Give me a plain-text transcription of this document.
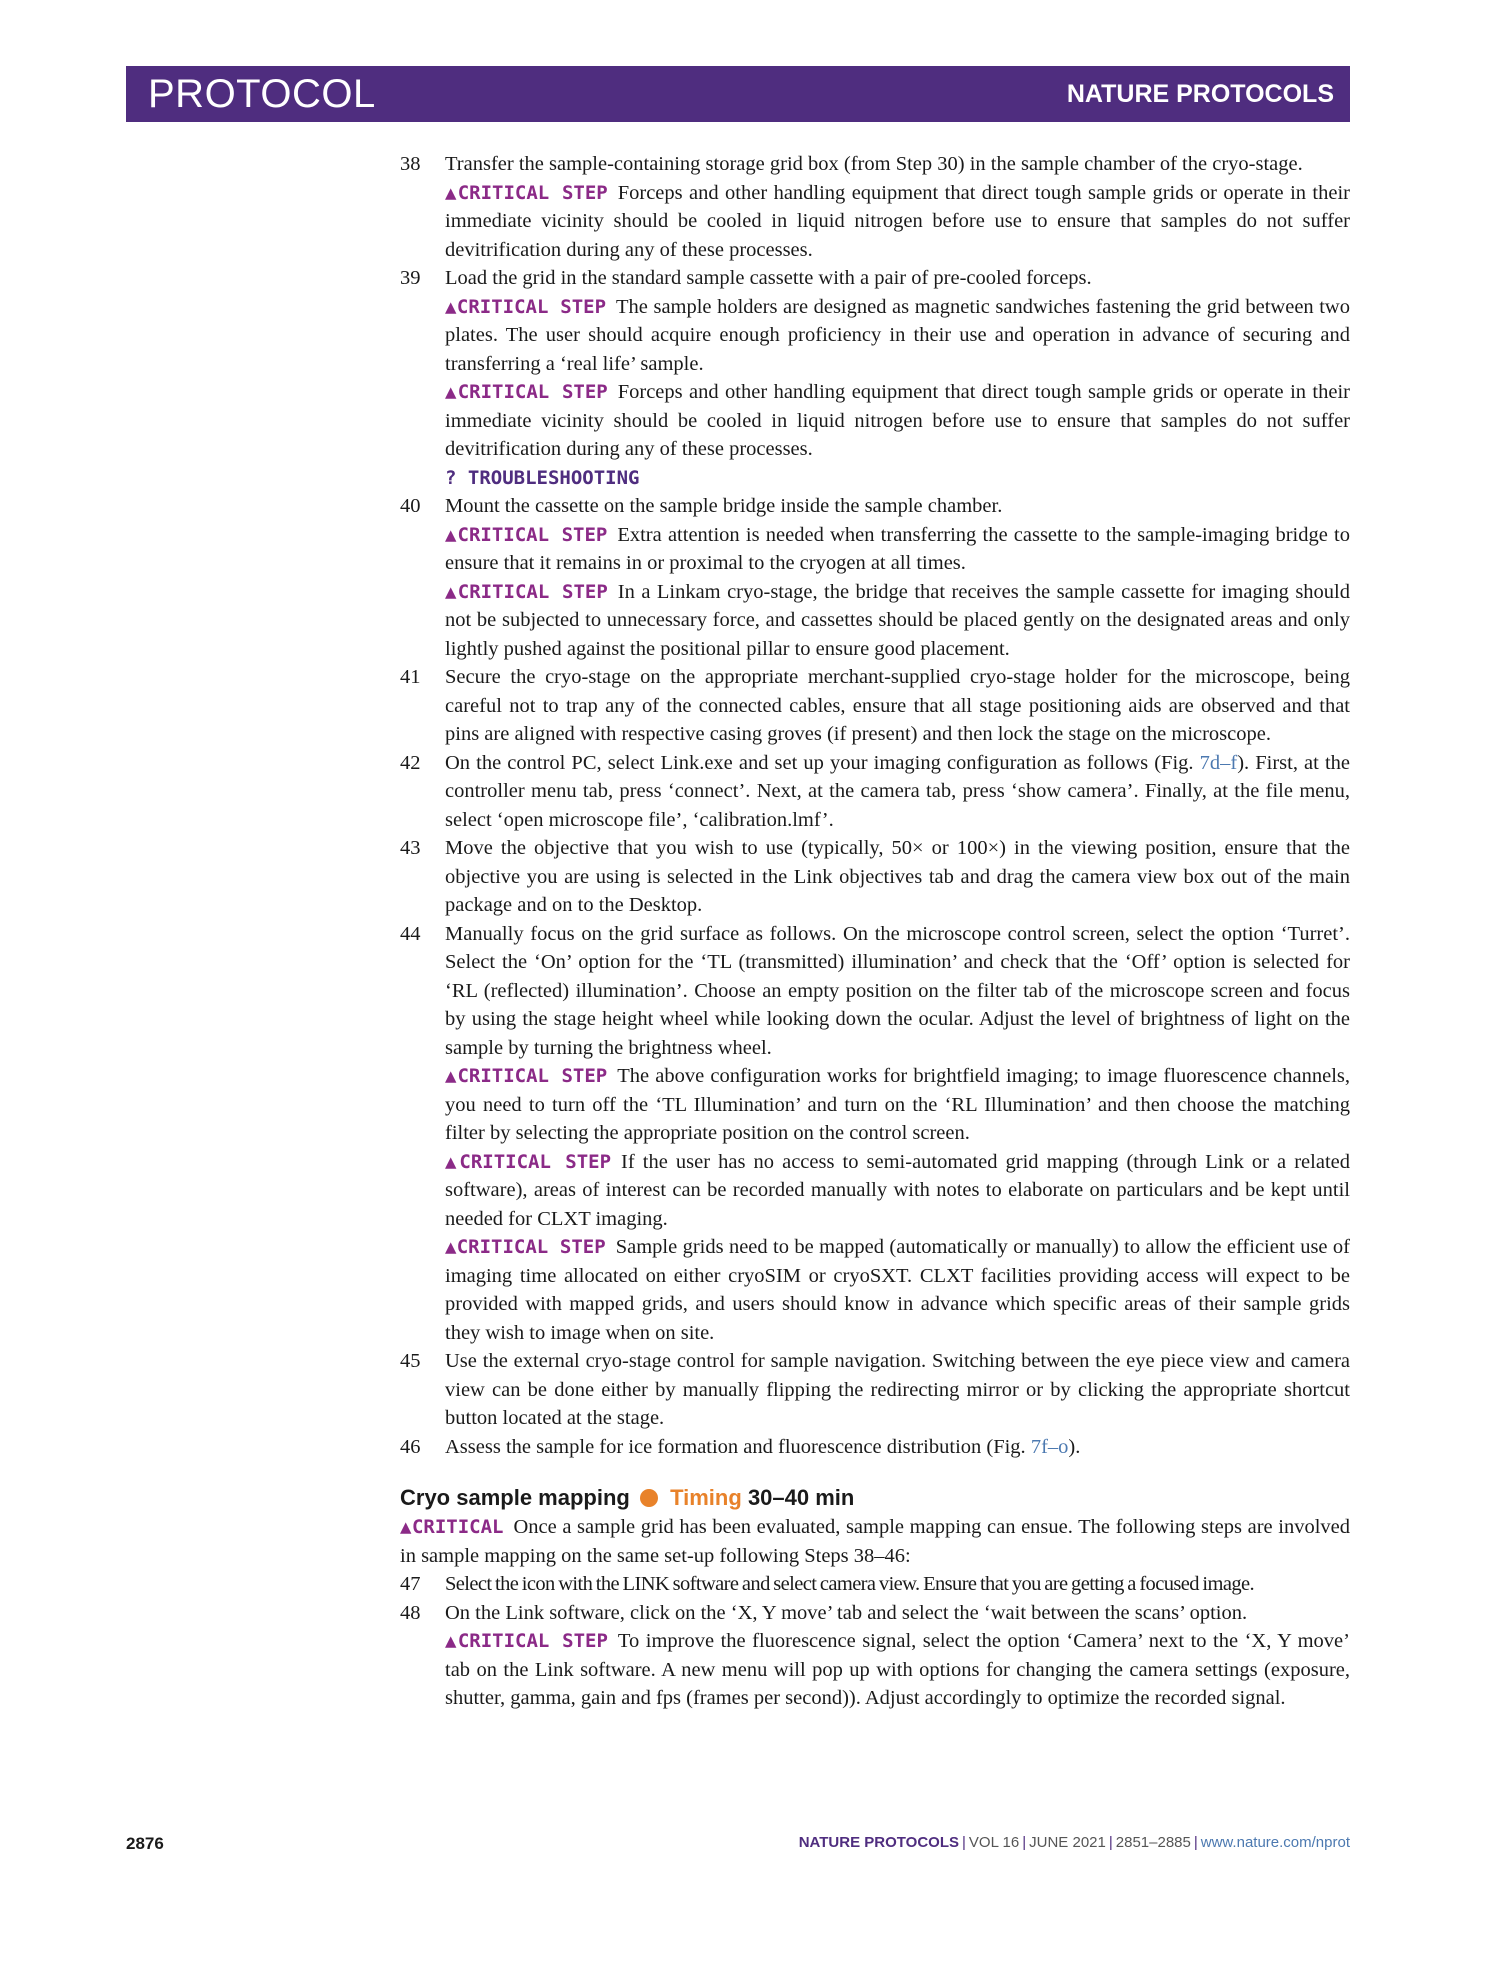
PROTOCOL	NATURE PROTOCOLS
38 Transfer the sample-containing storage grid box (from Step 30) in the sample chamber of the cryo-stage.
▲CRITICAL STEP Forceps and other handling equipment that direct tough sample grids or operate in their immediate vicinity should be cooled in liquid nitrogen before use to ensure that samples do not suffer devitrification during any of these processes.
39 Load the grid in the standard sample cassette with a pair of pre-cooled forceps.
▲CRITICAL STEP The sample holders are designed as magnetic sandwiches fastening the grid between two plates. The user should acquire enough proficiency in their use and operation in advance of securing and transferring a ‘real life’ sample.
▲CRITICAL STEP Forceps and other handling equipment that direct tough sample grids or operate in their immediate vicinity should be cooled in liquid nitrogen before use to ensure that samples do not suffer devitrification during any of these processes.
? TROUBLESHOOTING
40 Mount the cassette on the sample bridge inside the sample chamber.
▲CRITICAL STEP Extra attention is needed when transferring the cassette to the sample-imaging bridge to ensure that it remains in or proximal to the cryogen at all times.
▲CRITICAL STEP In a Linkam cryo-stage, the bridge that receives the sample cassette for imaging should not be subjected to unnecessary force, and cassettes should be placed gently on the designated areas and only lightly pushed against the positional pillar to ensure good placement.
41 Secure the cryo-stage on the appropriate merchant-supplied cryo-stage holder for the microscope, being careful not to trap any of the connected cables, ensure that all stage positioning aids are observed and that pins are aligned with respective casing groves (if present) and then lock the stage on the microscope.
42 On the control PC, select Link.exe and set up your imaging configuration as follows (Fig. 7d–f). First, at the controller menu tab, press ‘connect’. Next, at the camera tab, press ‘show camera’. Finally, at the file menu, select ‘open microscope file’, ‘calibration.lmf’.
43 Move the objective that you wish to use (typically, 50× or 100×) in the viewing position, ensure that the objective you are using is selected in the Link objectives tab and drag the camera view box out of the main package and on to the Desktop.
44 Manually focus on the grid surface as follows. On the microscope control screen, select the option ‘Turret’. Select the ‘On’ option for the ‘TL (transmitted) illumination’ and check that the ‘Off’ option is selected for ‘RL (reflected) illumination’. Choose an empty position on the filter tab of the microscope screen and focus by using the stage height wheel while looking down the ocular. Adjust the level of brightness of light on the sample by turning the brightness wheel.
▲CRITICAL STEP The above configuration works for brightfield imaging; to image fluorescence channels, you need to turn off the ‘TL Illumination’ and turn on the ‘RL Illumination’ and then choose the matching filter by selecting the appropriate position on the control screen.
▲CRITICAL STEP If the user has no access to semi-automated grid mapping (through Link or a related software), areas of interest can be recorded manually with notes to elaborate on particulars and be kept until needed for CLXT imaging.
▲CRITICAL STEP Sample grids need to be mapped (automatically or manually) to allow the efficient use of imaging time allocated on either cryoSIM or cryoSXT. CLXT facilities providing access will expect to be provided with mapped grids, and users should know in advance which specific areas of their sample grids they wish to image when on site.
45 Use the external cryo-stage control for sample navigation. Switching between the eye piece view and camera view can be done either by manually flipping the redirecting mirror or by clicking the appropriate shortcut button located at the stage.
46 Assess the sample for ice formation and fluorescence distribution (Fig. 7f–o).
Cryo sample mapping Timing 30–40 min
▲CRITICAL Once a sample grid has been evaluated, sample mapping can ensue. The following steps are involved in sample mapping on the same set-up following Steps 38–46:
47 Select the icon with the LINK software and select camera view. Ensure that you are getting a focused image.
48 On the Link software, click on the ‘X, Y move’ tab and select the ‘wait between the scans’ option.
▲CRITICAL STEP To improve the fluorescence signal, select the option ‘Camera’ next to the ‘X, Y move’ tab on the Link software. A new menu will pop up with options for changing the camera settings (exposure, shutter, gamma, gain and fps (frames per second)). Adjust accordingly to optimize the recorded signal.
2876	NATURE PROTOCOLS | VOL 16 | JUNE 2021 | 2851–2885 | www.nature.com/nprot
